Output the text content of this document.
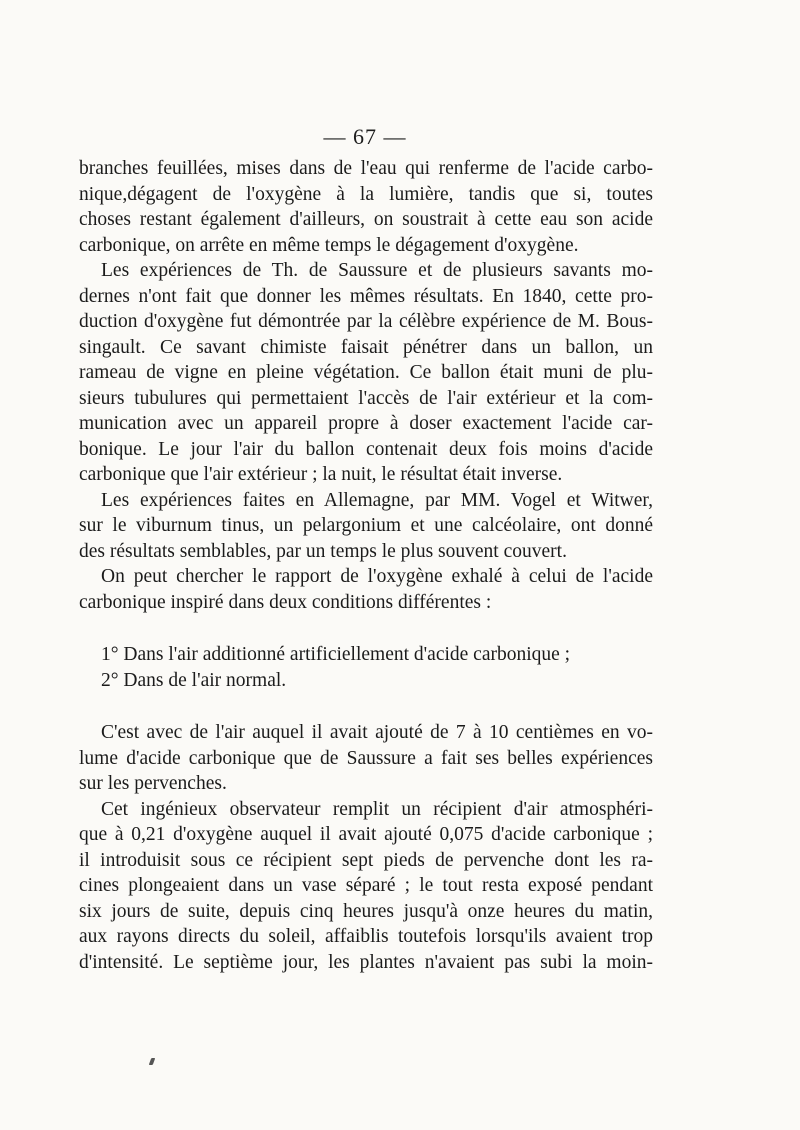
— 67 —
branches feuillées, mises dans de l'eau qui renferme de l'acide carbo-
nique,dégagent de l'oxygène à la lumière, tandis que si, toutes
choses restant également d'ailleurs, on soustrait à cette eau son acide
carbonique, on arrête en même temps le dégagement d'oxygène.
Les expériences de Th. de Saussure et de plusieurs savants mo-
dernes n'ont fait que donner les mêmes résultats. En 1840, cette pro-
duction d'oxygène fut démontrée par la célèbre expérience de M. Bous-
singault. Ce savant chimiste faisait pénétrer dans un ballon, un
rameau de vigne en pleine végétation. Ce ballon était muni de plu-
sieurs tubulures qui permettaient l'accès de l'air extérieur et la com-
munication avec un appareil propre à doser exactement l'acide car-
bonique. Le jour l'air du ballon contenait deux fois moins d'acide
carbonique que l'air extérieur ; la nuit, le résultat était inverse.
Les expériences faites en Allemagne, par MM. Vogel et Witwer,
sur le viburnum tinus, un pelargonium et une calcéolaire, ont donné
des résultats semblables, par un temps le plus souvent couvert.
On peut chercher le rapport de l'oxygène exhalé à celui de l'acide
carbonique inspiré dans deux conditions différentes :
1° Dans l'air additionné artificiellement d'acide carbonique ;
2° Dans de l'air normal.
C'est avec de l'air auquel il avait ajouté de 7 à 10 centièmes en vo-
lume d'acide carbonique que de Saussure a fait ses belles expériences
sur les pervenches.
Cet ingénieux observateur remplit un récipient d'air atmosphéri-
que à 0,21 d'oxygène auquel il avait ajouté 0,075 d'acide carbonique ;
il introduisit sous ce récipient sept pieds de pervenche dont les ra-
cines plongeaient dans un vase séparé ; le tout resta exposé pendant
six jours de suite, depuis cinq heures jusqu'à onze heures du matin,
aux rayons directs du soleil, affaiblis toutefois lorsqu'ils avaient trop
d'intensité. Le septième jour, les plantes n'avaient pas subi la moin-
